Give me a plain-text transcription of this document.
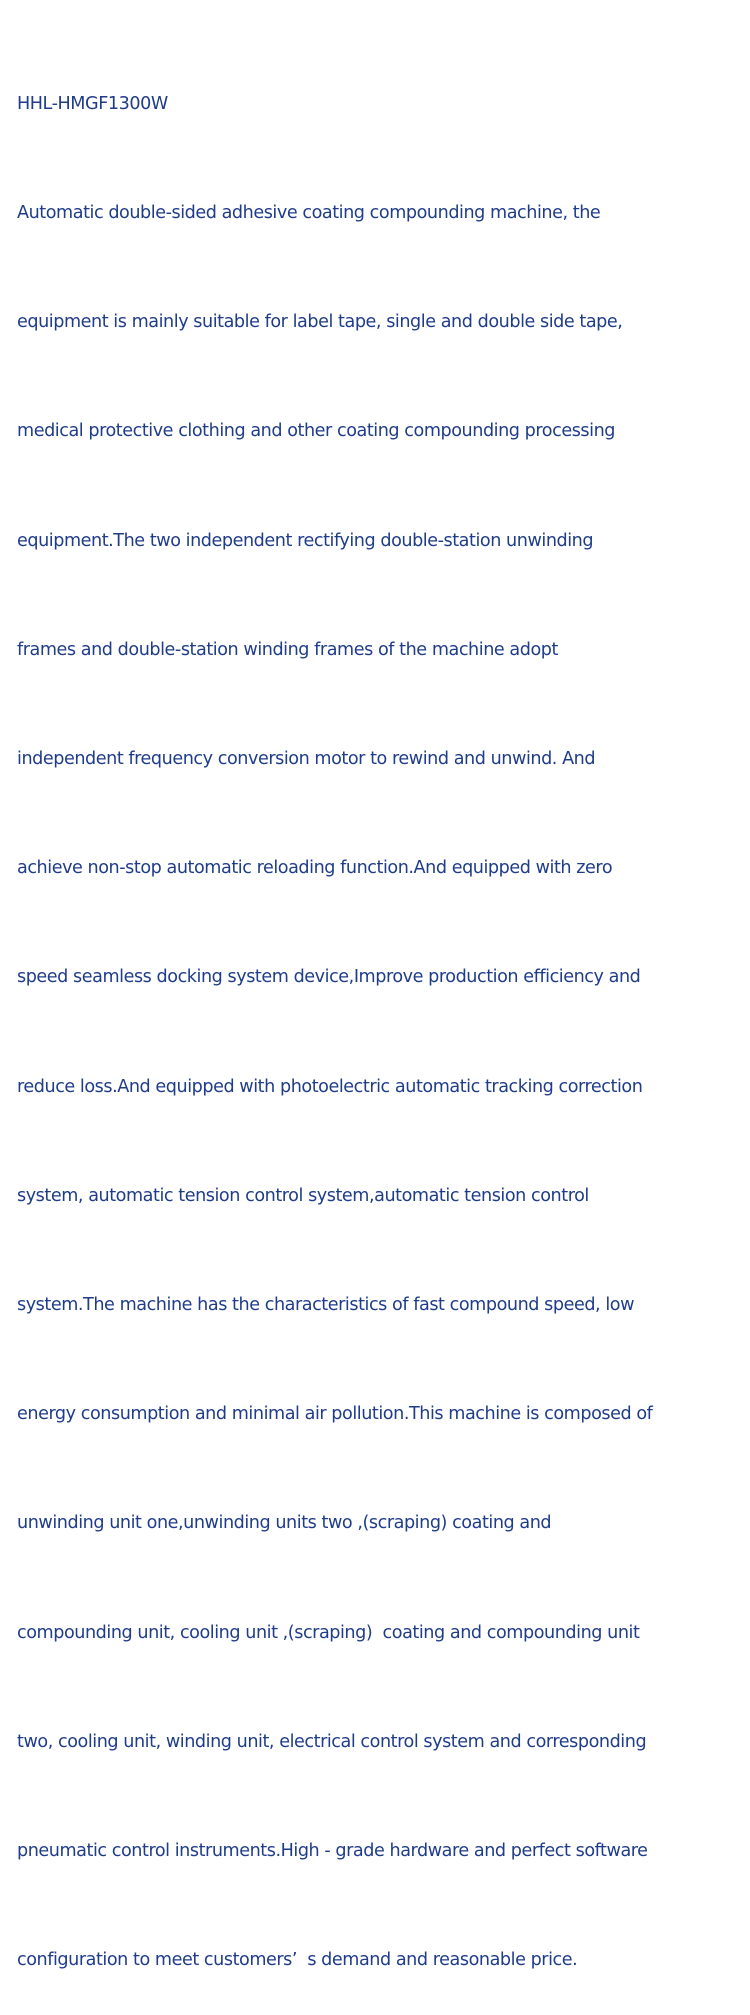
HHL-HMGF1300W

Automatic double-sided adhesive coating compounding machine, the

equipment is mainly suitable for label tape, single and double side tape,

medical protective clothing and other coating compounding processing

equipment.The two independent rectifying double-station unwinding

frames and double-station winding frames of the machine adopt

independent frequency conversion motor to rewind and unwind. And

achieve non-stop automatic reloading function.And equipped with zero

speed seamless docking system device,Improve production efficiency and

reduce loss.And equipped with photoelectric automatic tracking correction

system, automatic tension control system,automatic tension control

system.The machine has the characteristics of fast compound speed, low

energy consumption and minimal air pollution.This machine is composed of

unwinding unit one,unwinding units two ,(scraping) coating and

compounding unit, cooling unit ,(scraping)  coating and compounding unit

two, cooling unit, winding unit, electrical control system and corresponding

pneumatic control instruments.High - grade hardware and perfect software

configuration to meet customers’  s demand and reasonable price.
